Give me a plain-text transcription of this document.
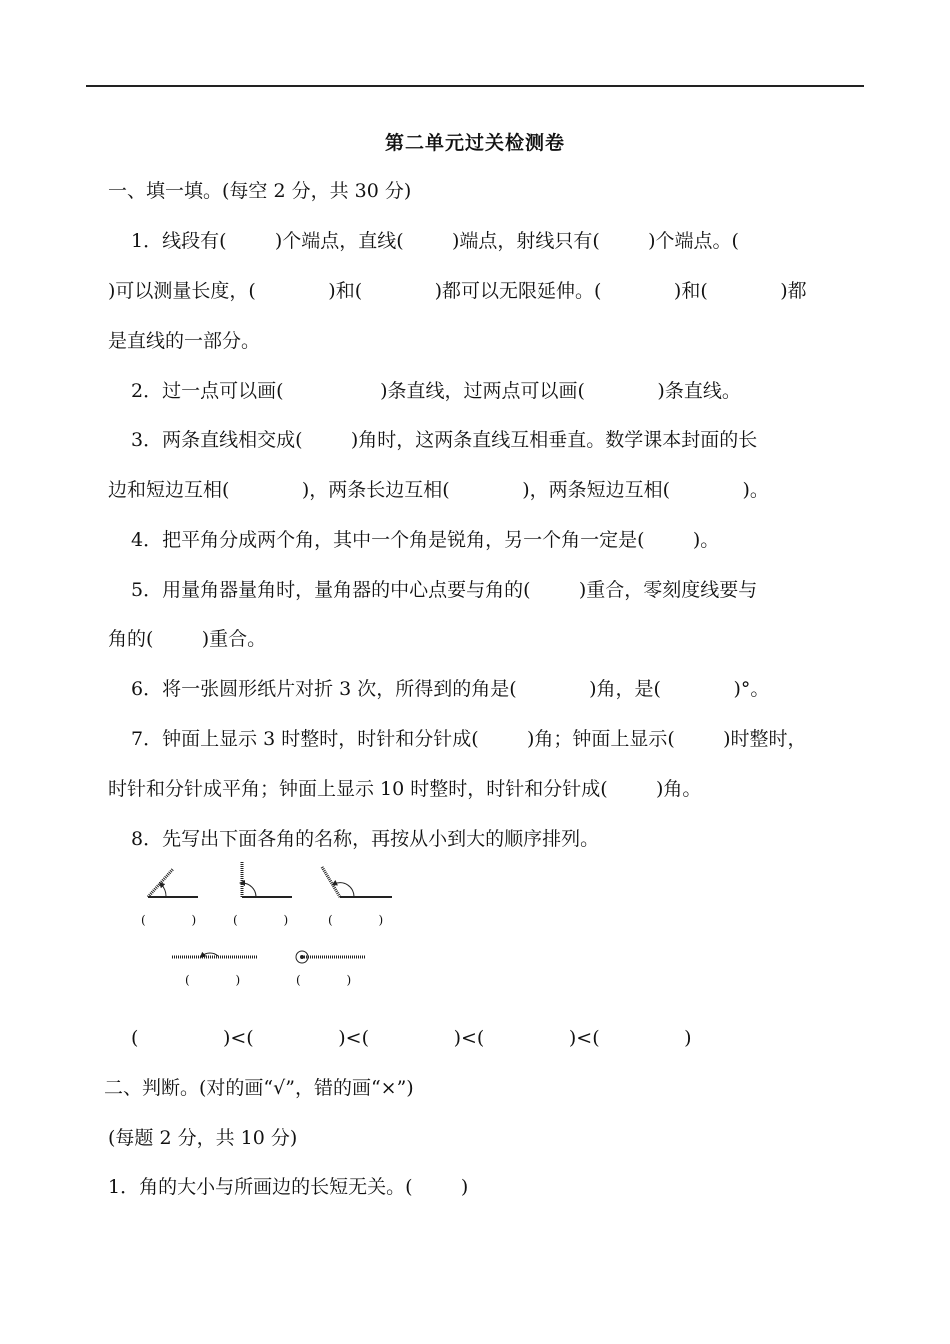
第二单元过关检测卷
一、填一填。(每空 2 分，共 30 分)
1．线段有(        )个端点，直线(        )端点，射线只有(        )个端点。(
)可以测量长度，(            )和(            )都可以无限延伸。(            )和(            )都
是直线的一部分。
2．过一点可以画(                )条直线，过两点可以画(            )条直线。
3．两条直线相交成(        )角时，这两条直线互相垂直。数学课本封面的长
边和短边互相(            )，两条长边互相(            )，两条短边互相(            )。
4．把平角分成两个角，其中一个角是锐角，另一个角一定是(        )。
5．用量角器量角时，量角器的中心点要与角的(        )重合，零刻度线要与
角的(        )重合。
6．将一张圆形纸片对折 3 次，所得到的角是(            )角，是(            )°。
7．钟面上显示 3 时整时，时针和分针成(        )角；钟面上显示(        )时整时，
时针和分针成平角；钟面上显示 10 时整时，时针和分针成(        )角。
8．先写出下面各角的名称，再按从小到大的顺序排列。
(            )	(            )	(            )
(            )	(            )
(              )<(              )<(              )<(              )<(              )
二、判断。(对的画“√”，错的画“×”)
(每题 2 分，共 10 分)
1．角的大小与所画边的长短无关。(        )
